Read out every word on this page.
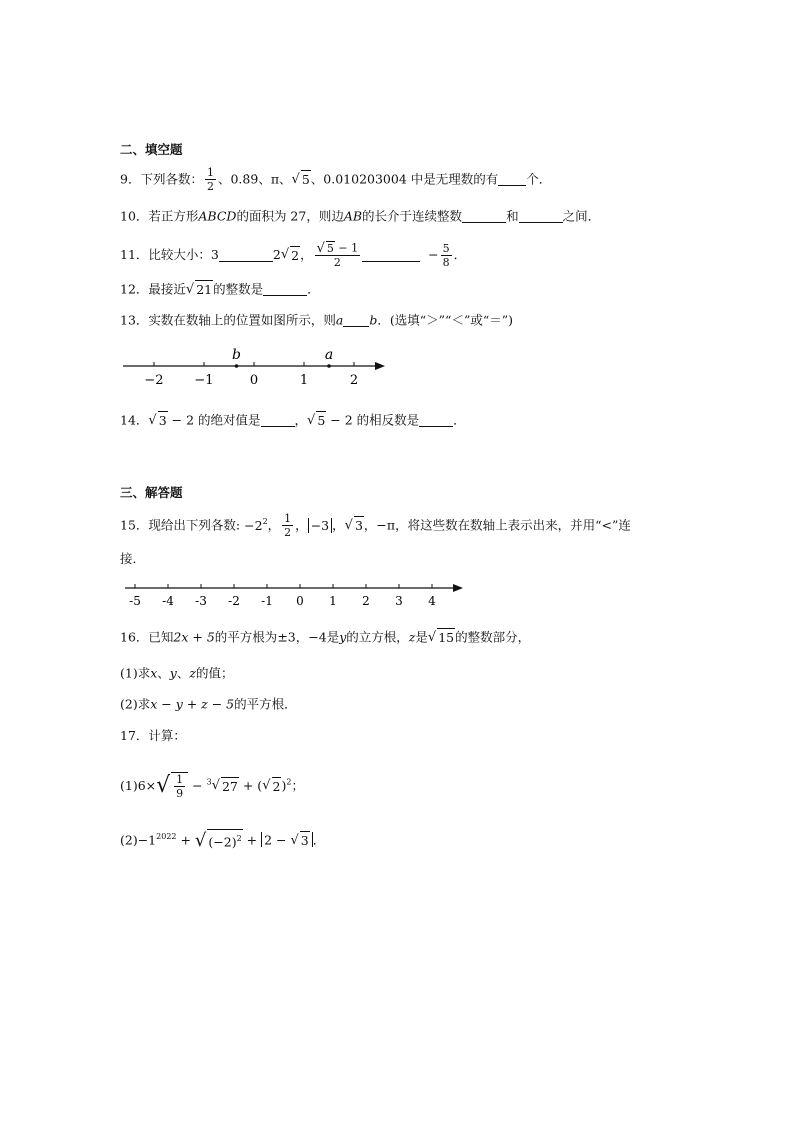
二、填空题
9．下列各数： $\frac{1}{2}$ 、0.8̇9̇、π、√ 5、0.010203004 中是无理数的有 个．
10．若正方形ABCD的面积为 27，则边AB的长介于连续整数	和	之间．
11．比较大小：3	2√ 2， $\frac{√ 5 - 1}{2}$	− $\frac{5}{8}$ ．
12．最接近√ 21的整数是	．
13．实数在数轴上的位置如图所示，则a b．(选填“＞”“＜”或“＝”)
b	a
−2 −1	0	1	2
14．√ 3 − 2 的绝对值是	，√ 5 − 2 的相反数是	．
三、解答题
15．现给出下列各数: $-2^2$， $\frac{1}{2}$ ， −3 ，√ 3，−π，将这些数在数轴上表示出来，并用“<”连
接．
-5 -4 -3 -2 -1 0 1 2 3 4
16．已知2x + 5的平方根为±3，−4是y的立方根，z是√ 15的整数部分，
(1)求x、y、z的值；
(2)求x − y + z − 5的平方根．
17．计算：
$(1)6\times√ \frac{1}{9} - ^3√$ 27 + (√ 2)$^2$；
$(2)-1^{2022}$ + √ $(-2)^2 + 2$ − √ 3 ．
